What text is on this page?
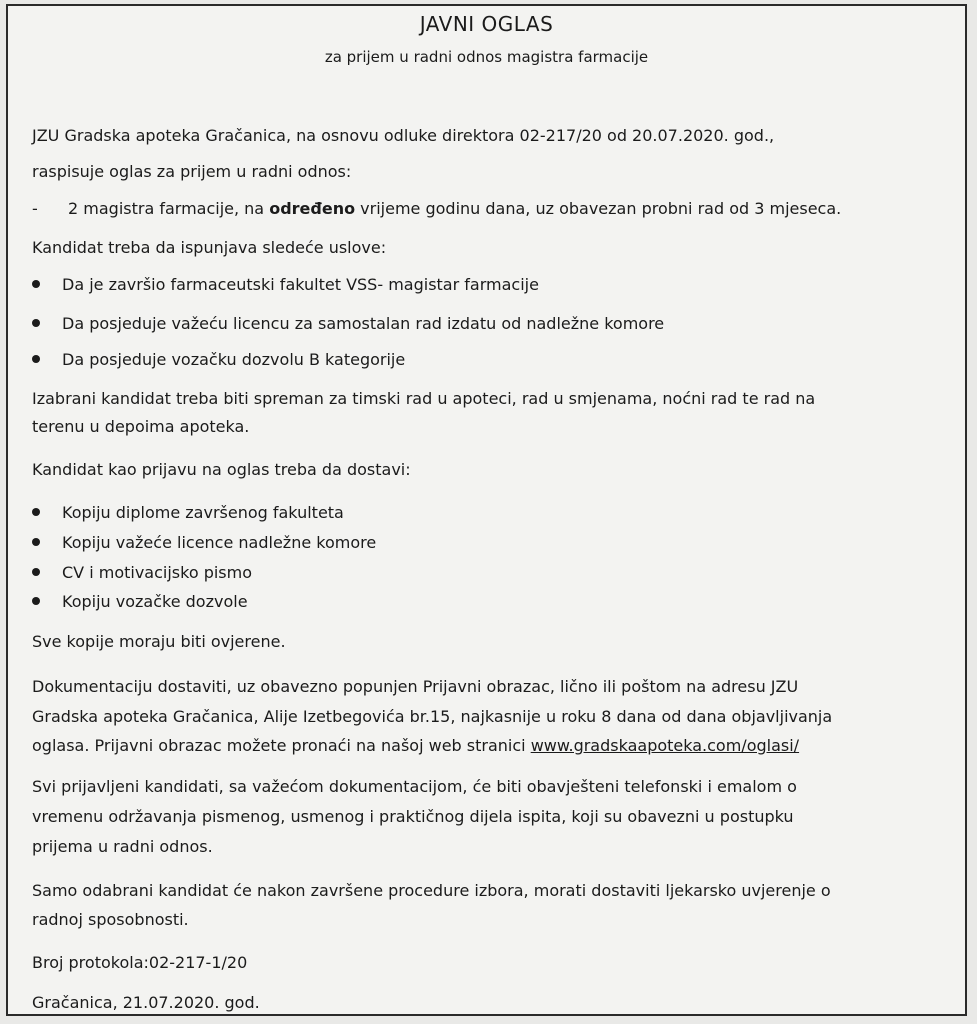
JAVNI OGLAS
za prijem u radni odnos magistra farmacije
JZU Gradska apoteka Gračanica, na osnovu odluke direktora 02-217/20 od 20.07.2020. god.,
raspisuje oglas za prijem u radni odnos:
- 2 magistra farmacije, na određeno vrijeme godinu dana, uz obavezan probni rad od 3 mjeseca.
Kandidat treba da ispunjava sledeće uslove:
Da je završio farmaceutski fakultet VSS- magistar farmacije
Da posjeduje važeću licencu za samostalan rad izdatu od nadležne komore
Da posjeduje vozačku dozvolu B kategorije
Izabrani kandidat treba biti spreman za timski rad u apoteci, rad u smjenama, noćni rad te rad na
terenu u depoima apoteka.
Kandidat kao prijavu na oglas treba da dostavi:
Kopiju diplome završenog fakulteta
Kopiju važeće licence nadležne komore
CV i motivacijsko pismo
Kopiju vozačke dozvole
Sve kopije moraju biti ovjerene.
Dokumentaciju dostaviti, uz obavezno popunjen Prijavni obrazac, lično ili poštom na adresu JZU
Gradska apoteka Gračanica, Alije Izetbegovića br.15, najkasnije u roku 8 dana od dana objavljivanja
oglasa. Prijavni obrazac možete pronaći na našoj web stranici www.gradskaapoteka.com/oglasi/
Svi prijavljeni kandidati, sa važećom dokumentacijom, će biti obavješteni telefonski i emalom o
vremenu održavanja pismenog, usmenog i praktičnog dijela ispita, koji su obavezni u postupku
prijema u radni odnos.
Samo odabrani kandidat će nakon završene procedure izbora, morati dostaviti ljekarsko uvjerenje o
radnoj sposobnosti.
Broj protokola:02-217-1/20
Gračanica, 21.07.2020. god.
